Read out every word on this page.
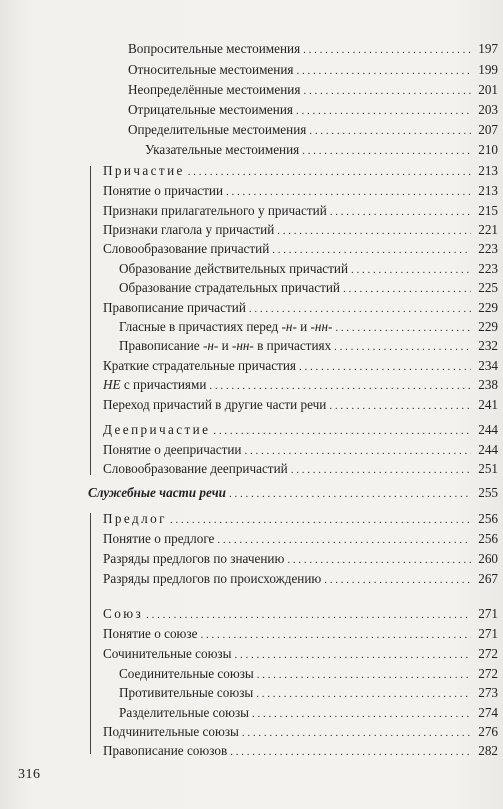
Вопросительные местоимения . . .	197
Относительные местоимения . . .	199
Неопределённые местоимения . . .	201
Отрицательные местоимения . . .	203
Определительные местоимения . . .	207
Указательные местоимения . . .	210
Причастие . . .	213
Понятие о причастии . . .	213
Признаки прилагательного у причастий . . .	215
Признаки глагола у причастий . . .	221
Словообразование причастий . . .	223
Образование действительных причастий . . .	223
Образование страдательных причастий . . .	225
Правописание причастий . . .	229
Гласные в причастиях перед -н- и -нн- . . .	229
Правописание -н- и -нн- в причастиях . . .	232
Краткие страдательные причастия . . .	234
НЕ с причастиями . . .	238
Переход причастий в другие части речи . . .	241
Деепричастие . . .	244
Понятие о деепричастии . . .	244
Словообразование деепричастий . . .	251
Служебные части речи . . .	255
Предлог . . .	256
Понятие о предлоге . . .	256
Разряды предлогов по значению . . .	260
Разряды предлогов по происхождению . . .	267
Союз . . .	271
Понятие о союзе . . .	271
Сочинительные союзы . . .	272
Соединительные союзы . . .	272
Противительные союзы . . .	273
Разделительные союзы . . .	274
Подчинительные союзы . . .	276
Правописание союзов . . .	282
316
